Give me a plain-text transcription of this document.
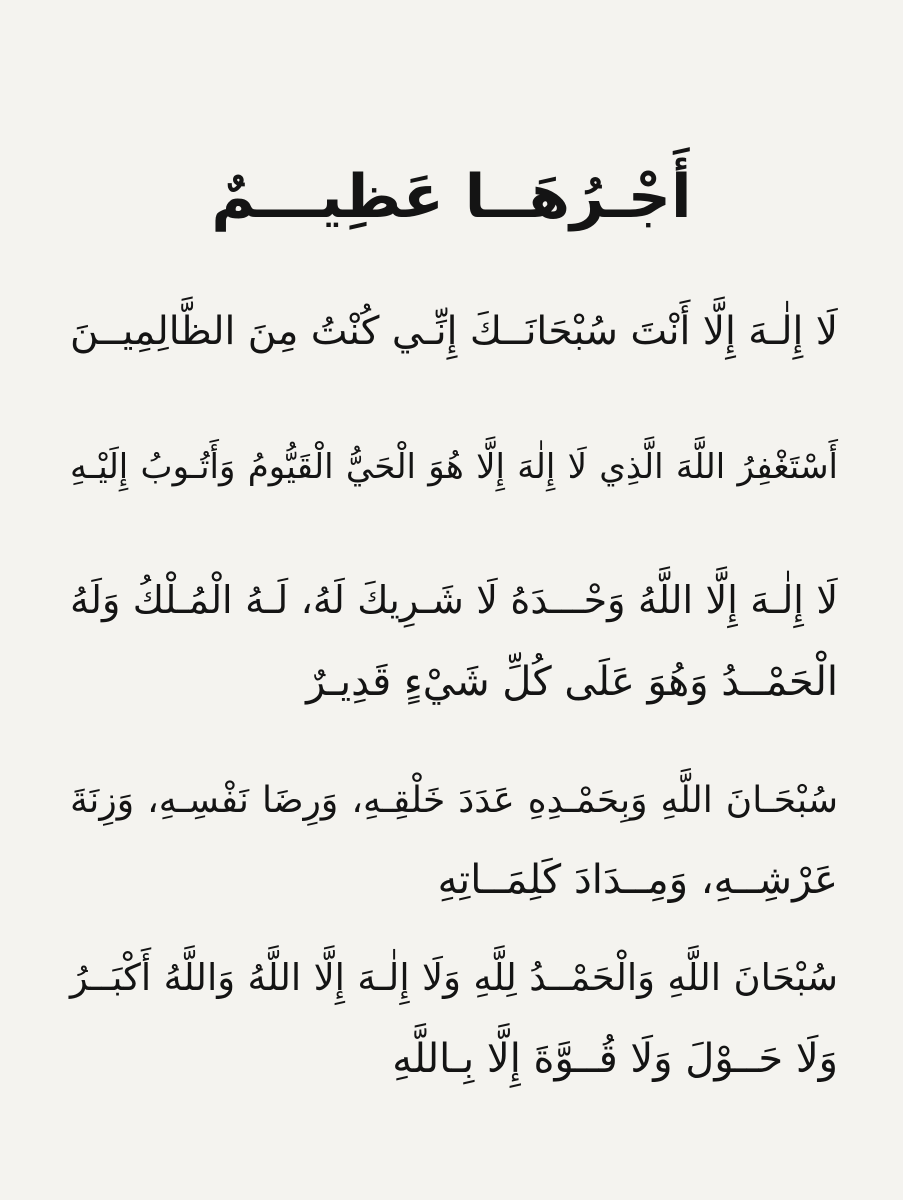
أَجْـرُهَــا عَظِيـــمٌ

لَا إِلٰـهَ إِلَّا أَنْتَ سُبْحَانَــكَ إِنِّـي كُنْتُ مِنَ الظَّالِمِيــنَ

أَسْتَغْفِرُ اللَّهَ الَّذِي لَا إِلٰهَ إِلَّا هُوَ الْحَيُّ الْقَيُّومُ وَأَتُـوبُ إِلَيْـهِ

لَا إِلٰـهَ إِلَّا اللَّهُ وَحْـــدَهُ لَا شَـرِيكَ لَهُ، لَـهُ الْمُـلْكُ وَلَهُ

الْحَمْــدُ وَهُوَ عَلَى كُلِّ شَيْءٍ قَدِيـرٌ

سُبْحَـانَ اللَّهِ وَبِحَمْـدِهِ عَدَدَ خَلْقِـهِ، وَرِضَا نَفْسِـهِ، وَزِنَةَ

عَرْشِــهِ، وَمِــدَادَ كَلِمَــاتِهِ

سُبْحَانَ اللَّهِ وَالْحَمْــدُ لِلَّهِ وَلَا إِلٰـهَ إِلَّا اللَّهُ وَاللَّهُ أَكْبَــرُ

وَلَا حَــوْلَ وَلَا قُــوَّةَ إِلَّا بِـاللَّهِ
